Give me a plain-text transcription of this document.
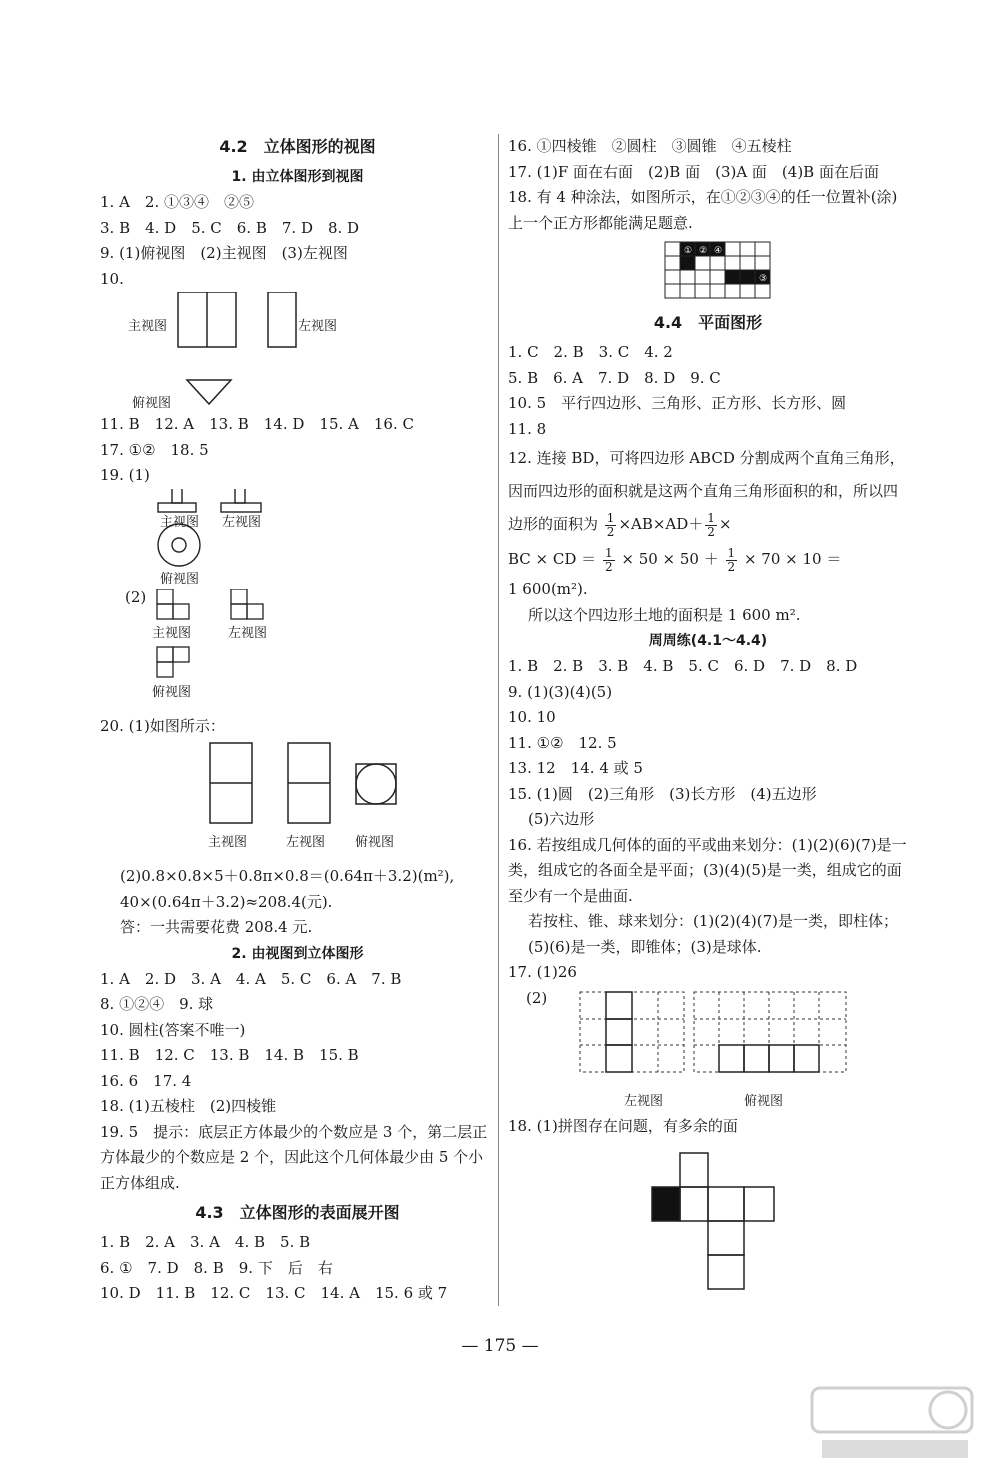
4.2　立体图形的视图
1. 由立体图形到视图
1. A　2. ①③④　②⑤
3. B　4. D　5. C　6. B　7. D　8. D
9. (1)俯视图　(2)主视图　(3)左视图
10.
主视图	左视图
俯视图
11. B　12. A　13. B　14. D　15. A　16. C
17. ①②　18. 5
19. (1)
主视图 左视图
俯视图
(2)
主视图	左视图
俯视图
20. (1)如图所示：
主视图	左视图 俯视图
(2)0.8×0.8×5＋0.8π×0.8＝(0.64π＋3.2)(m²),
40×(0.64π＋3.2)≈208.4(元).
答：一共需要花费 208.4 元.
2. 由视图到立体图形
1. A　2. D　3. A　4. A　5. C　6. A　7. B
8. ①②④　9. 球
10. 圆柱(答案不唯一)
11. B　12. C　13. B　14. B　15. B
16. 6　17. 4
18. (1)五棱柱　(2)四棱锥
19. 5　提示：底层正方体最少的个数应是 3 个，第二层正方体最少的个数应是 2 个，因此这个几何体最少由 5 个小正方体组成.
4.3　立体图形的表面展开图
1. B　2. A　3. A　4. B　5. B
6. ①　7. D　8. B　9. 下　后　右
10. D　11. B　12. C　13. C　14. A　15. 6 或 7
16. ①四棱锥　②圆柱　③圆锥　④五棱柱
17. (1)F 面在右面　(2)B 面　(3)A 面　(4)B 面在后面
18. 有 4 种涂法，如图所示，在①②③④的任一位置补(涂)上一个正方形都能满足题意.
① ② ④
③
4.4　平面图形
1. C　2. B　3. C　4. 2
5. B　6. A　7. D　8. D　9. C
10. 5　平行四边形、三角形、正方形、长方形、圆
11. 8
12. 连接 BD，可将四边形 ABCD 分割成两个直角三角形，因而四边形的面积就是这两个直角三角形面积的和，所以四边形的面积为 $\frac{1}{2} \times AB\times AD+ \frac{1}{2}$ ×
BC × CD ＝ $\frac{1}{2} \times 50 \times 50 + \frac{1}{2} \times 70 \times 10$ ＝
1 600(m²).
所以这个四边形土地的面积是 1 600 m².
周周练(4.1～4.4)
1. B　2. B　3. B　4. B　5. C　6. D　7. D　8. D
9. (1)(3)(4)(5)
10. 10
11. ①②　12. 5
13. 12　14. 4 或 5
15. (1)圆　(2)三角形　(3)长方形　(4)五边形
(5)六边形
16. 若按组成几何体的面的平或曲来划分：(1)(2)(6)(7)是一类，组成它的各面全是平面；(3)(4)(5)是一类，组成它的面至少有一个是曲面.
若按柱、锥、球来划分：(1)(2)(4)(7)是一类，即柱体；(5)(6)是一类，即锥体；(3)是球体.
17. (1)26
(2)
左视图	俯视图
18. (1)拼图存在问题，有多余的面
— 175 —
